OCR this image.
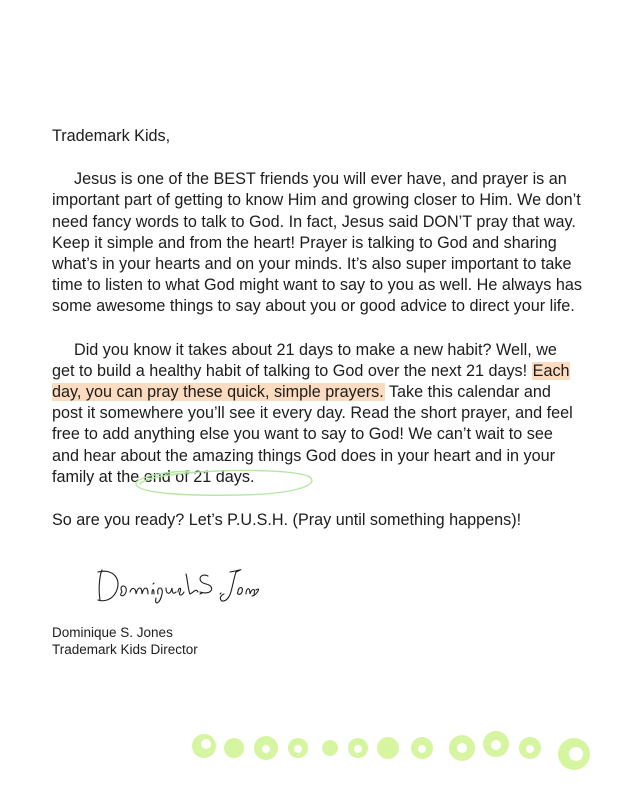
Trademark Kids,

Jesus is one of the BEST friends you will ever have, and prayer is an important part of getting to know Him and growing closer to Him. We don’t need fancy words to talk to God. In fact, Jesus said DON’T pray that way. Keep it simple and from the heart! Prayer is talking to God and sharing what’s in your hearts and on your minds. It’s also super important to take time to listen to what God might want to say to you as well. He always has some awesome things to say about you or good advice to direct your life.

Did you know it takes about 21 days to make a new habit? Well, we get to build a healthy habit of talking to God over the next 21 days! Each day, you can pray these quick, simple prayers. Take this calendar and post it somewhere you’ll see it every day. Read the short prayer, and feel free to add anything else you want to say to God! We can’t wait to see and hear about the amazing things God does in your heart and in your family at the end of 21 days.

So are you ready? Let’s P.U.S.H. (Pray until something happens)!

Dominique S. Jones
Trademark Kids Director
